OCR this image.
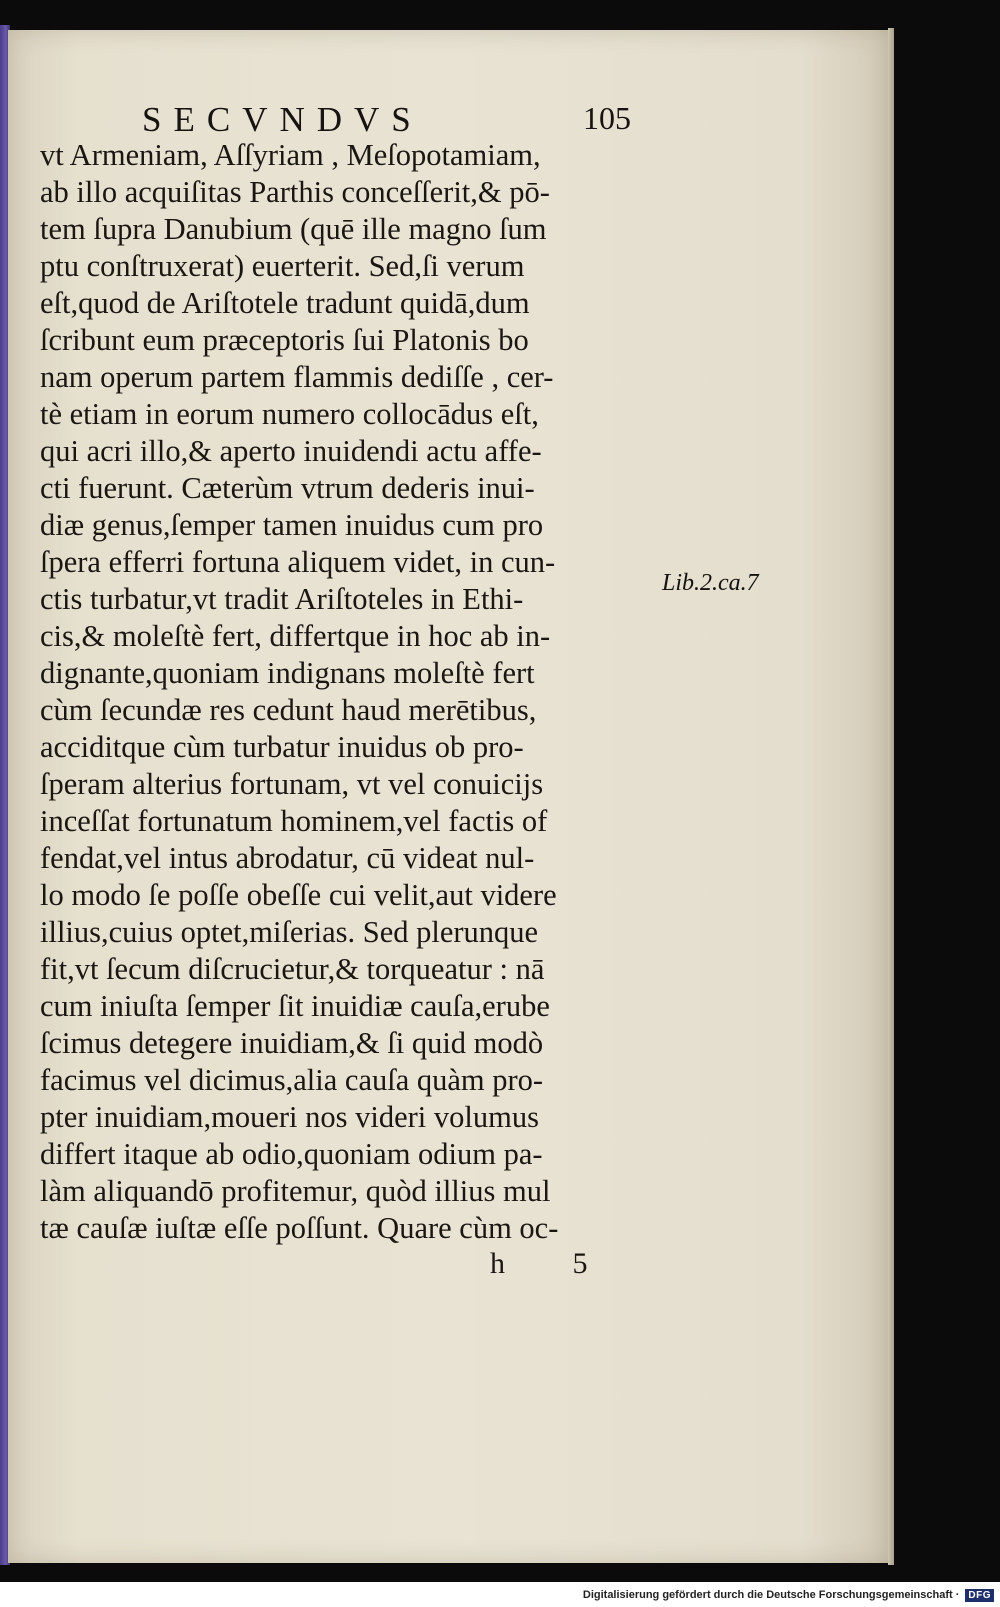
SECVNDVS	105
vt Armeniam, Aſſyriam , Meſopotamiam,
ab illo acquiſitas Parthis conceſſerit,& pō-
tem ſupra Danubium (quē ille magno ſum
ptu conſtruxerat) euerterit. Sed,ſi verum
eſt,quod de Ariſtotele tradunt quidā,dum
ſcribunt eum præceptoris ſui Platonis bo
nam operum partem flammis dediſſe , cer-
tè etiam in eorum numero collocādus eſt,
qui acri illo,& aperto inuidendi actu affe-
cti fuerunt. Cæterùm vtrum dederis inui-
diæ genus,ſemper tamen inuidus cum pro
ſpera efferri fortuna aliquem videt, in cun-
ctis turbatur,vt tradit Ariſtoteles in Ethi-
cis,& moleſtè fert, differtque in hoc ab in-
dignante,quoniam indignans moleſtè fert
cùm ſecundæ res cedunt haud merētibus,
acciditque cùm turbatur inuidus ob pro-
ſperam alterius fortunam, vt vel conuicijs
inceſſat fortunatum hominem,vel factis of
fendat,vel intus abrodatur, cū videat nul-
lo modo ſe poſſe obeſſe cui velit,aut videre
illius,cuius optet,miſerias. Sed plerunque
fit,vt ſecum diſcrucietur,& torqueatur : nā
cum iniuſta ſemper ſit inuidiæ cauſa,erube
ſcimus detegere inuidiam,& ſi quid modò
facimus vel dicimus,alia cauſa quàm pro-
pter inuidiam,moueri nos videri volumus
differt itaque ab odio,quoniam odium pa-
làm aliquandō profitemur, quòd illius mul
tæ cauſæ iuſtæ eſſe poſſunt. Quare cùm oc-
Lib.2.ca.7
h 5
Digitalisierung gefördert durch die Deutsche Forschungsgemeinschaft · DFG
